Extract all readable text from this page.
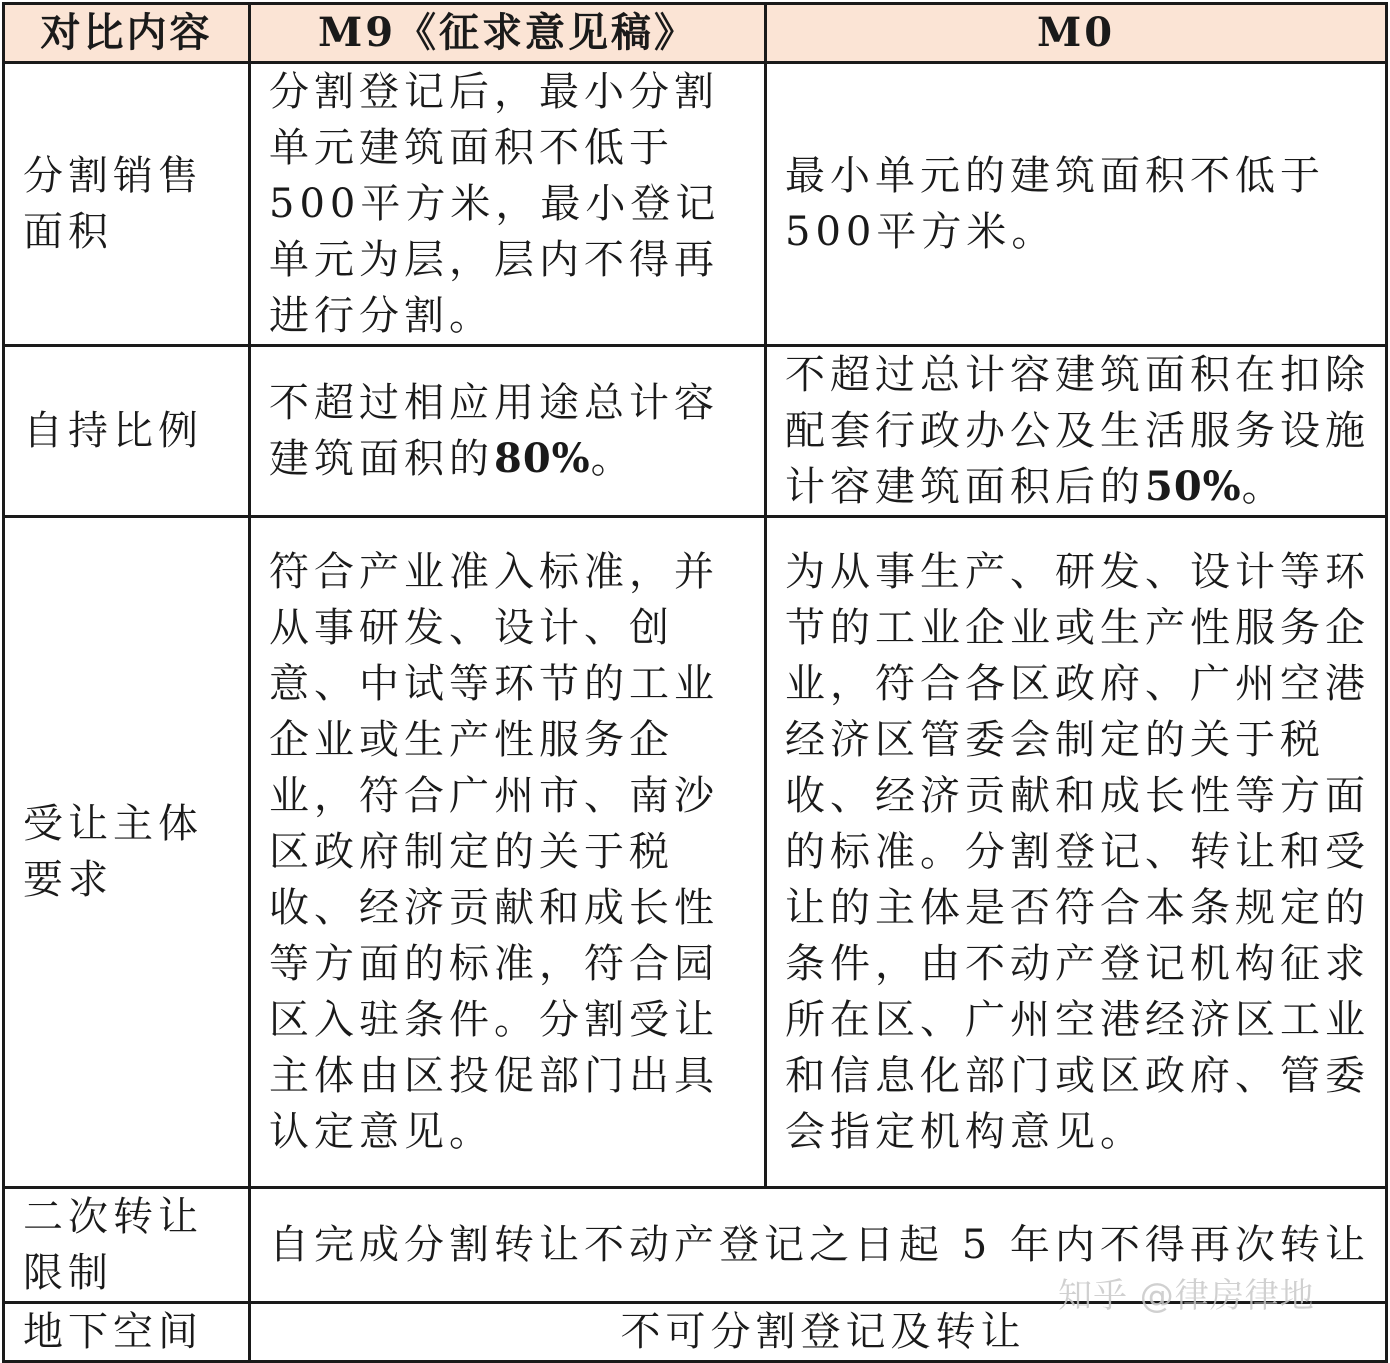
对比内容	M9《征求意见稿》	M0
分割销售面积	分割登记后，最小分割单元建筑面积不低于500平方米，最小登记单元为层，层内不得再进行分割。	最小单元的建筑面积不低于500平方米。
自持比例	不超过相应用途总计容建筑面积的80%。	不超过总计容建筑面积在扣除配套行政办公及生活服务设施计容建筑面积后的50%。
受让主体要求	符合产业准入标准，并从事研发、设计、创意、中试等环节的工业企业或生产性服务企业，符合广州市、南沙区政府制定的关于税收、经济贡献和成长性等方面的标准，符合园区入驻条件。分割受让主体由区投促部门出具认定意见。	为从事生产、研发、设计等环节的工业企业或生产性服务企业，符合各区政府、广州空港经济区管委会制定的关于税收、经济贡献和成长性等方面的标准。分割登记、转让和受让的主体是否符合本条规定的条件，由不动产登记机构征求所在区、广州空港经济区工业和信息化部门或区政府、管委会指定机构意见。
二次转让限制	自完成分割转让不动产登记之日起 5 年内不得再次转让	
地下空间	不可分割登记及转让	
知乎 @律房律地
